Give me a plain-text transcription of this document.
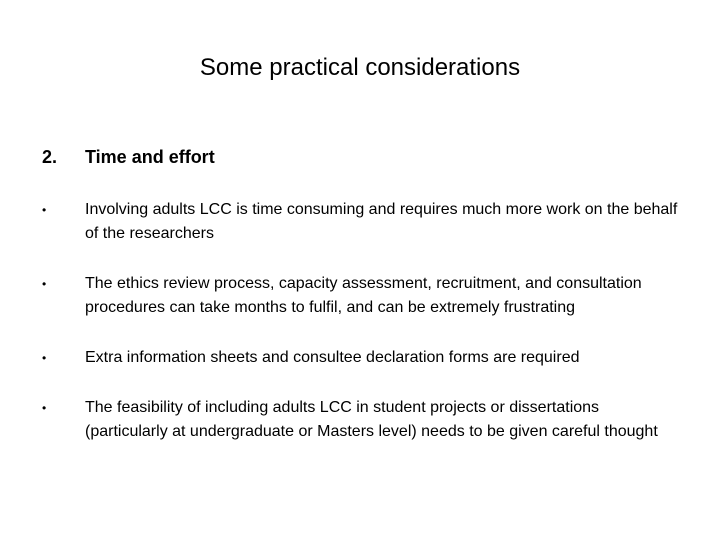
Some practical considerations
2. Time and effort
•	Involving adults LCC is time consuming and requires much more work on the behalf of the researchers
•	The ethics review process, capacity assessment, recruitment, and consultation procedures can take months to fulfil, and can be extremely frustrating
•	Extra information sheets and consultee declaration forms are required
•	The feasibility of including adults LCC in student projects or dissertations (particularly at undergraduate or Masters level) needs to be given careful thought
